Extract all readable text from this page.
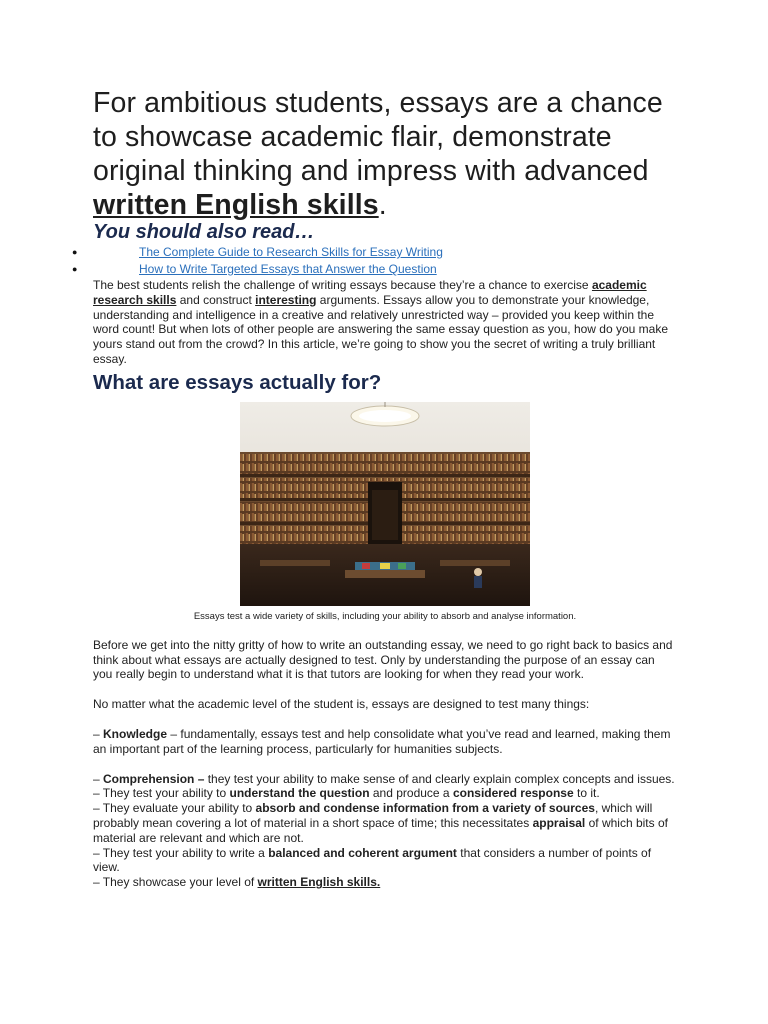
For ambitious students, essays are a chance to showcase academic flair, demonstrate original thinking and impress with advanced written English skills.

You should also read…
●	The Complete Guide to Research Skills for Essay Writing
●	How to Write Targeted Essays that Answer the Question

The best students relish the challenge of writing essays because they’re a chance to exercise academic research skills and construct interesting arguments. Essays allow you to demonstrate your knowledge, understanding and intelligence in a creative and relatively unrestricted way – provided you keep within the word count! But when lots of other people are answering the same essay question as you, how do you make yours stand out from the crowd? In this article, we’re going to show you the secret of writing a truly brilliant essay.

What are essays actually for?
Essays test a wide variety of skills, including your ability to absorb and analyse information.

Before we get into the nitty gritty of how to write an outstanding essay, we need to go right back to basics and think about what essays are actually designed to test. Only by understanding the purpose of an essay can you really begin to understand what it is that tutors are looking for when they read your work.

No matter what the academic level of the student is, essays are designed to test many things:

– Knowledge – fundamentally, essays test and help consolidate what you’ve read and learned, making them an important part of the learning process, particularly for humanities subjects.

– Comprehension – they test your ability to make sense of and clearly explain complex concepts and issues.
– They test your ability to understand the question and produce a considered response to it.
– They evaluate your ability to absorb and condense information from a variety of sources, which will probably mean covering a lot of material in a short space of time; this necessitates appraisal of which bits of material are relevant and which are not.
– They test your ability to write a balanced and coherent argument that considers a number of points of view.
– They showcase your level of written English skills.
